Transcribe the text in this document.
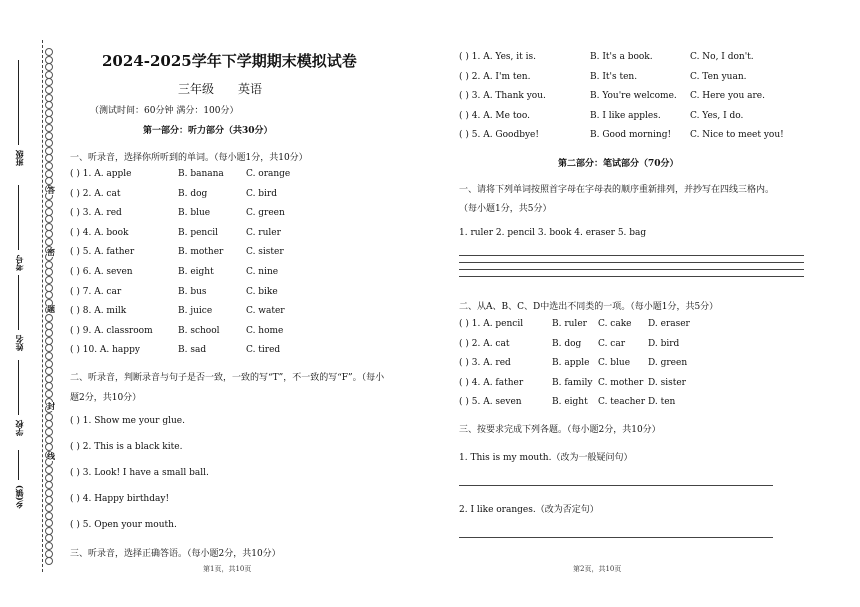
班级
考号
姓名
学校
乡(镇)
答
密
题
封
线
2024-2025学年下学期期末模拟试卷
三年级 英语
（测试时间：60分钟 满分：100分）
第一部分：听力部分（共30分）
一、听录音，选择你所听到的单词。（每小题1分，共10分）
( ) 1. A. apple	B. banana C. orange
( ) 2. A. cat	B. dog	C. bird
( ) 3. A. red	B. blue	C. green
( ) 4. A. book	B. pencil	C. ruler
( ) 5. A. father	B. mother	C. sister
( ) 6. A. seven	B. eight	C. nine
( ) 7. A. car	B. bus	C. bike
( ) 8. A. milk	B. juice	C. water
( ) 9. A. classroom	B. school	C. home
( ) 10. A. happy	B. sad	C. tired
二、听录音，判断录音与句子是否一致，一致的写“T”，不一致的写“F”。（每小
题2分，共10分）
( ) 1. Show me your glue.
( ) 2. This is a black kite.
( ) 3. Look! I have a small ball.
( ) 4. Happy birthday!
( ) 5. Open your mouth.
三、听录音，选择正确答语。（每小题2分，共10分）
第1页，共10页
( ) 1. A. Yes, it is.	B. It's a book.	C. No, I don't.
( ) 2. A. I'm ten.	B. It's ten.	C. Ten yuan.
( ) 3. A. Thank you.	B. You're welcome. C. Here you are.
( ) 4. A. Me too.	B. I like apples.	C. Yes, I do.
( ) 5. A. Goodbye!	B. Good morning! C. Nice to meet you!
第二部分：笔试部分（70分）
一、请将下列单词按照首字母在字母表的顺序重新排列，并抄写在四线三格内。
（每小题1分，共5分）
1. ruler 2. pencil 3. book 4. eraser 5. bag
二、从A、B、C、D中选出不同类的一项。（每小题1分，共5分）
( ) 1. A. pencil	B. ruler C. cake D. eraser
( ) 2. A. cat	B. dog C. car	D. bird
( ) 3. A. red	B. apple C. blue D. green
( ) 4. A. father	B. family C. mother D. sister
( ) 5. A. seven	B. eight C. teacher D. ten
三、按要求完成下列各题。（每小题2分，共10分）
1. This is my mouth.（改为一般疑问句）
2. I like oranges.（改为否定句）
第2页，共10页
